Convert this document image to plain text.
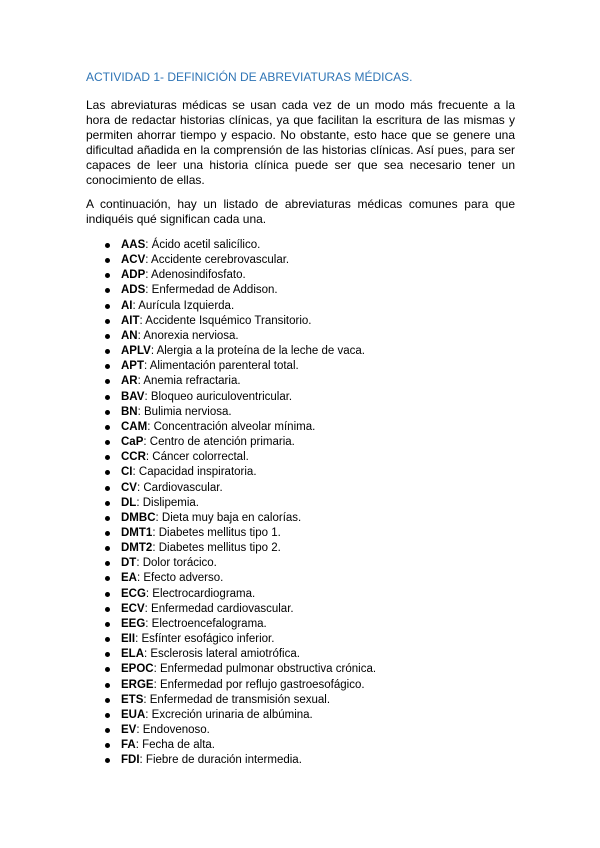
ACTIVIDAD 1- DEFINICIÓN DE ABREVIATURAS MÉDICAS.

Las abreviaturas médicas se usan cada vez de un modo más frecuente a la hora de redactar historias clínicas, ya que facilitan la escritura de las mismas y permiten ahorrar tiempo y espacio. No obstante, esto hace que se genere una dificultad añadida en la comprensión de las historias clínicas. Así pues, para ser capaces de leer una historia clínica puede ser que sea necesario tener un conocimiento de ellas.

A continuación, hay un listado de abreviaturas médicas comunes para que indiquéis qué significan cada una.

AAS: Ácido acetil salicílico.
ACV: Accidente cerebrovascular.
ADP: Adenosindifosfato.
ADS: Enfermedad de Addison.
AI: Aurícula Izquierda.
AIT: Accidente Isquémico Transitorio.
AN: Anorexia nerviosa.
APLV: Alergia a la proteína de la leche de vaca.
APT: Alimentación parenteral total.
AR: Anemia refractaria.
BAV: Bloqueo auriculoventricular.
BN: Bulimia nerviosa.
CAM: Concentración alveolar mínima.
CaP: Centro de atención primaria.
CCR: Cáncer colorrectal.
CI: Capacidad inspiratoria.
CV: Cardiovascular.
DL: Dislipemia.
DMBC: Dieta muy baja en calorías.
DMT1: Diabetes mellitus tipo 1.
DMT2: Diabetes mellitus tipo 2.
DT: Dolor torácico.
EA: Efecto adverso.
ECG: Electrocardiograma.
ECV: Enfermedad cardiovascular.
EEG: Electroencefalograma.
EII: Esfínter esofágico inferior.
ELA: Esclerosis lateral amiotrófica.
EPOC: Enfermedad pulmonar obstructiva crónica.
ERGE: Enfermedad por reflujo gastroesofágico.
ETS: Enfermedad de transmisión sexual.
EUA: Excreción urinaria de albúmina.
EV: Endovenoso.
FA: Fecha de alta.
FDI: Fiebre de duración intermedia.
